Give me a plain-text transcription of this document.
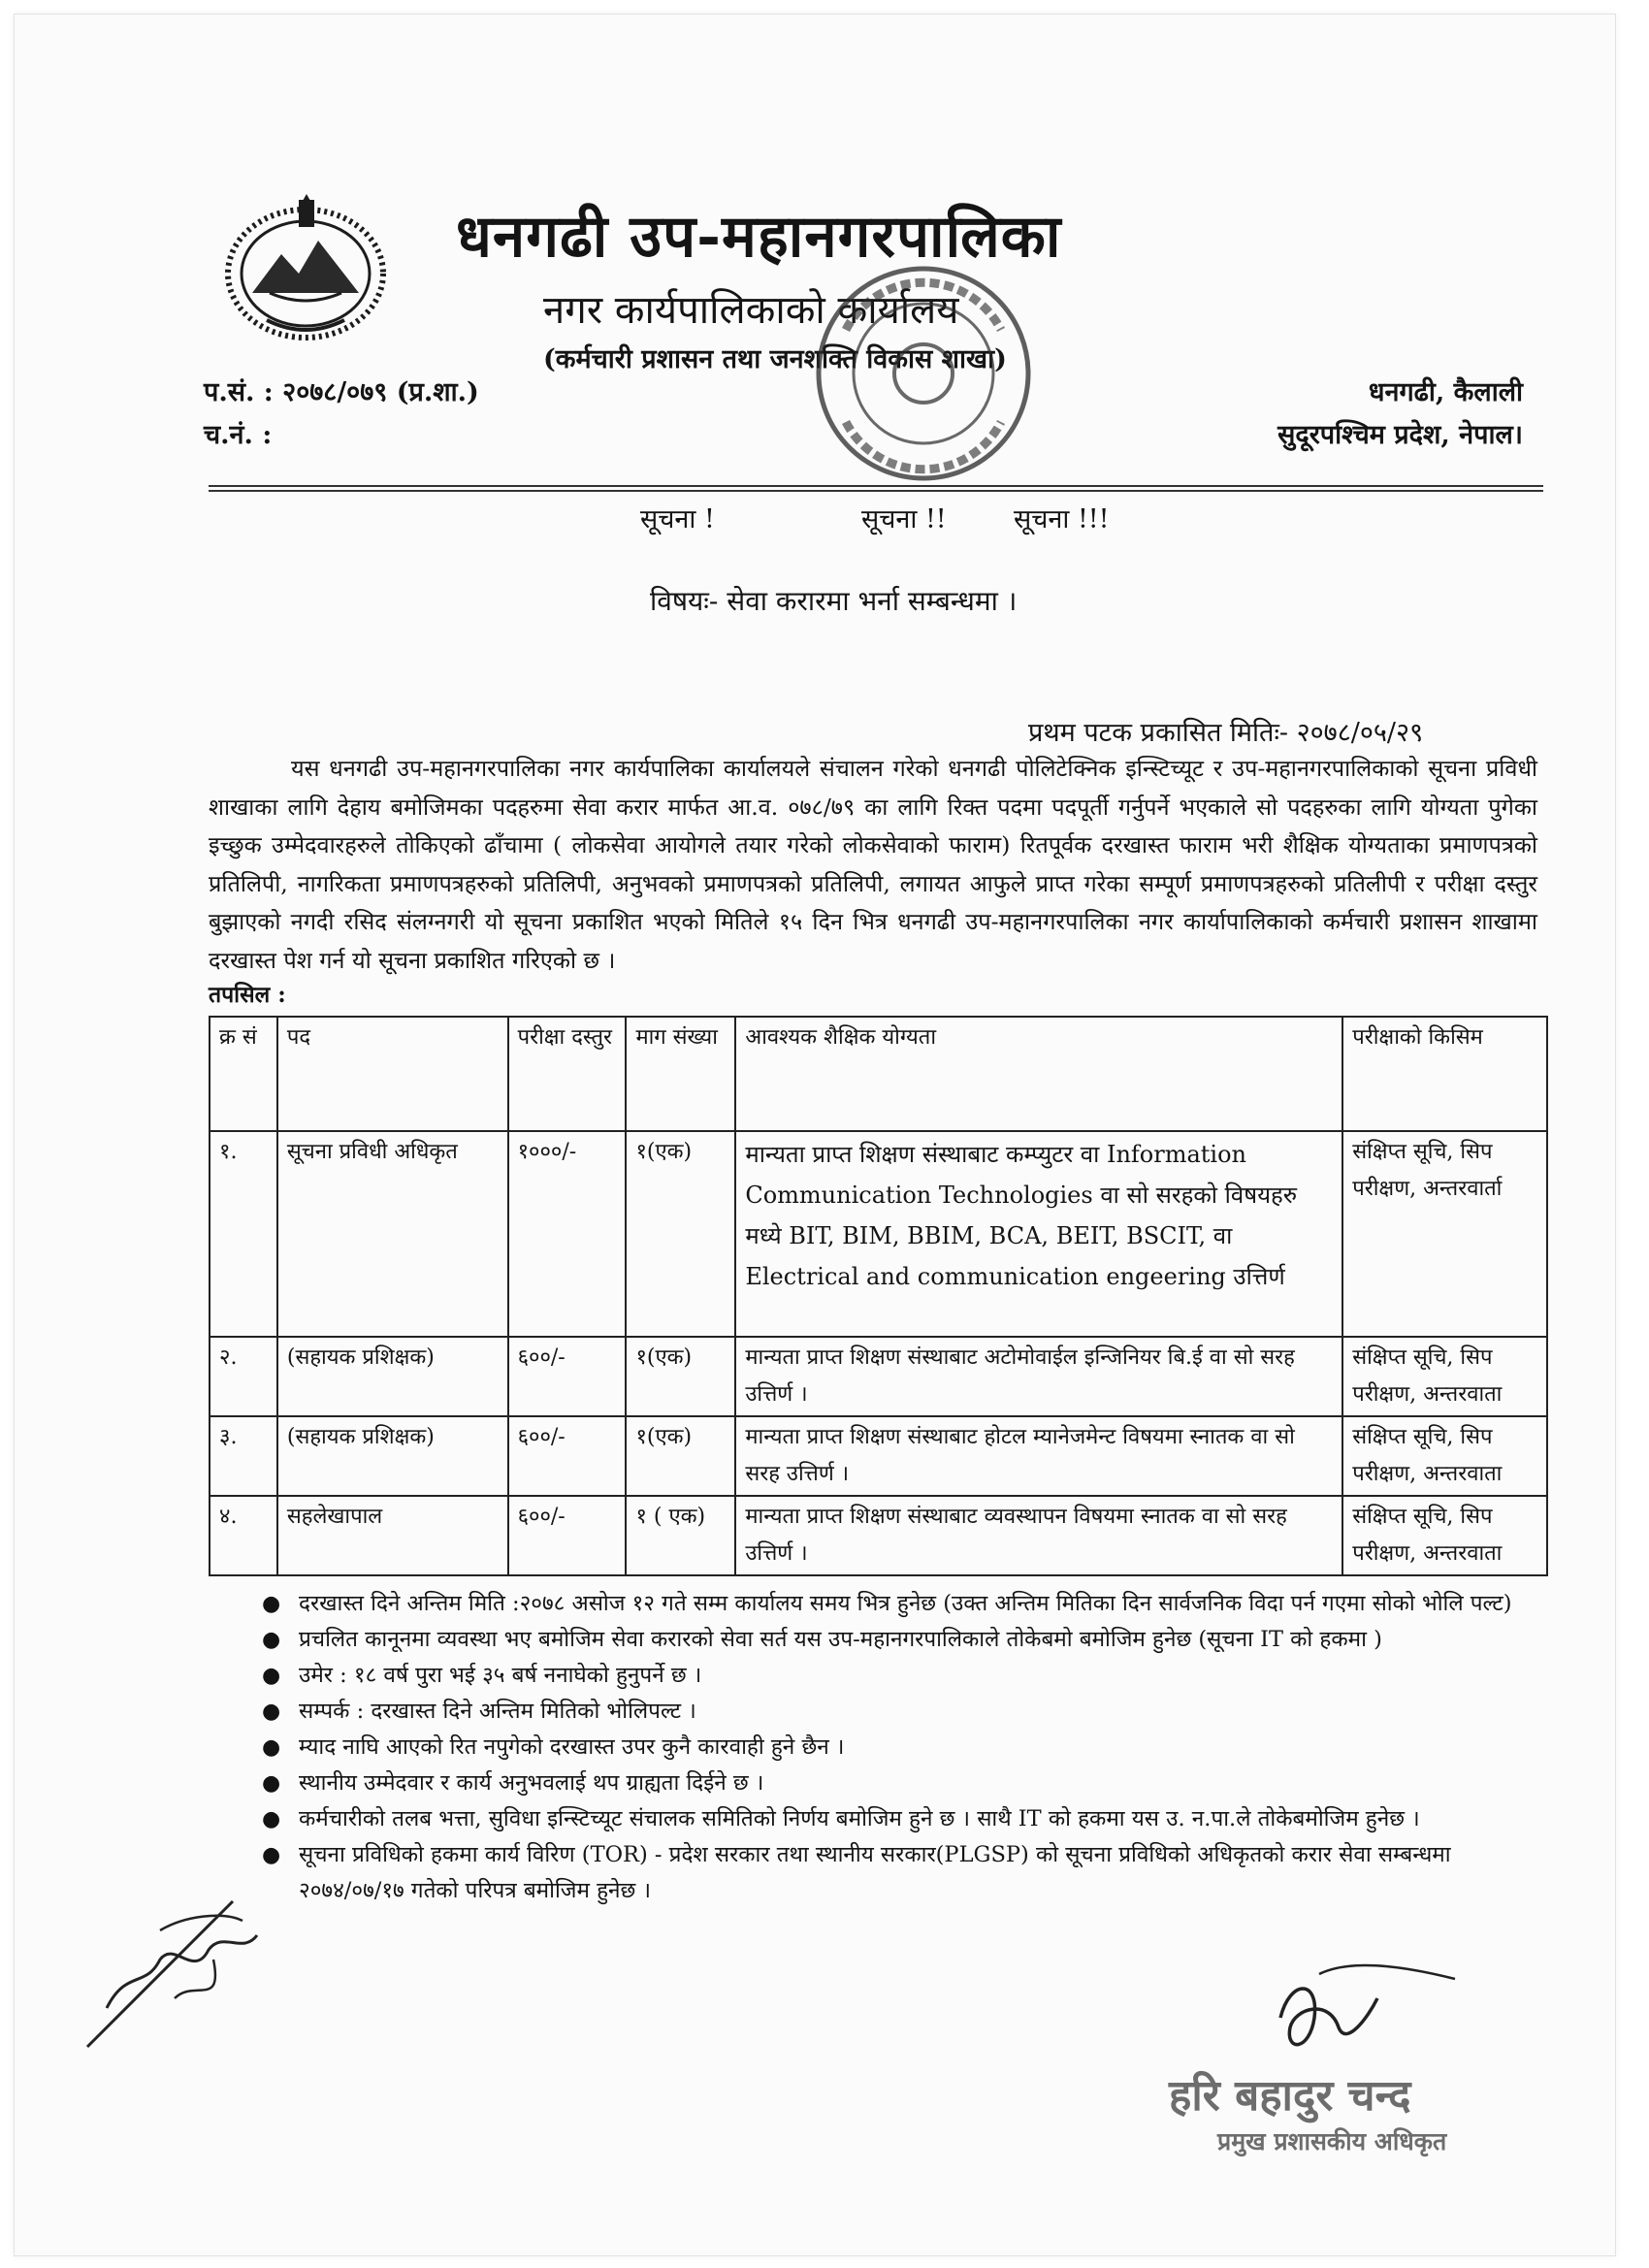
धनगढी उप-महानगरपालिका
नगर कार्यपालिकाको कार्यालय
(कर्मचारी प्रशासन तथा जनशक्ति विकास शाखा)
प.सं. : २०७८/०७९ (प्र.शा.)
च.नं. :
धनगढी, कैलाली
सुदूरपश्चिम प्रदेश, नेपाल।
सूचना !	सूचना !!	सूचना !!!
विषयः- सेवा करारमा भर्ना सम्बन्धमा ।
प्रथम पटक प्रकासित मितिः- २०७८/०५/२९
यस धनगढी उप-महानगरपालिका नगर कार्यपालिका कार्यालयले संचालन गरेको धनगढी पोलिटेक्निक इन्स्टिच्यूट र उप-महानगरपालिकाको सूचना प्रविधी शाखाका लागि देहाय बमोजिमका पदहरुमा सेवा करार मार्फत आ.व. ०७८/७९ का लागि रिक्त पदमा पदपूर्ती गर्नुपर्ने भएकाले सो पदहरुका लागि योग्यता पुगेका इच्छुक उम्मेदवारहरुले तोकिएको ढाँचामा ( लोकसेवा आयोगले तयार गरेको लोकसेवाको फाराम) रितपूर्वक दरखास्त फाराम भरी शैक्षिक योग्यताका प्रमाणपत्रको प्रतिलिपी, नागरिकता प्रमाणपत्रहरुको प्रतिलिपी, अनुभवको प्रमाणपत्रको प्रतिलिपी, लगायत आफुले प्राप्त गरेका सम्पूर्ण प्रमाणपत्रहरुको प्रतिलीपी र परीक्षा दस्तुर बुझाएको नगदी रसिद संलग्नगरी यो सूचना प्रकाशित भएको मितिले १५ दिन भित्र धनगढी उप-महानगरपालिका नगर कार्यापालिकाको कर्मचारी प्रशासन शाखामा दरखास्त पेश गर्न यो सूचना प्रकाशित गरिएको छ ।
तपसिल :
क्र सं	पद	परीक्षा दस्तुर	माग संख्या	आवश्यक शैक्षिक योग्यता	परीक्षाको किसिम
१.	सूचना प्रविधी अधिकृत	१०००/-	१(एक)	मान्यता प्राप्त शिक्षण संस्थाबाट कम्प्युटर वा Information Communication Technologies वा सो सरहको विषयहरु मध्ये BIT, BIM, BBIM, BCA, BEIT, BSCIT, वा Electrical and communication engeering उत्तिर्ण	संक्षिप्त सूचि, सिप परीक्षण, अन्तरवार्ता
२.	(सहायक प्रशिक्षक)	६००/-	१(एक)	मान्यता प्राप्त शिक्षण संस्थाबाट अटोमोवाईल इन्जिनियर बि.ई वा सो सरह उत्तिर्ण ।	संक्षिप्त सूचि, सिप परीक्षण, अन्तरवाता
३.	(सहायक प्रशिक्षक)	६००/-	१(एक)	मान्यता प्राप्त शिक्षण संस्थाबाट होटल म्यानेजमेन्ट विषयमा स्नातक वा सो सरह उत्तिर्ण ।	संक्षिप्त सूचि, सिप परीक्षण, अन्तरवाता
४.	सहलेखापाल	६००/-	१ ( एक)	मान्यता प्राप्त शिक्षण संस्थाबाट व्यवस्थापन विषयमा स्नातक वा सो सरह उत्तिर्ण ।	संक्षिप्त सूचि, सिप परीक्षण, अन्तरवाता
● दरखास्त दिने अन्तिम मिति :२०७८ असोज १२ गते सम्म कार्यालय समय भित्र हुनेछ (उक्त अन्तिम मितिका दिन सार्वजनिक विदा पर्न गएमा सोको भोलि पल्ट)
● प्रचलित कानूनमा व्यवस्था भए बमोजिम सेवा करारको सेवा सर्त यस उप-महानगरपालिकाले तोकेबमो बमोजिम हुनेछ (सूचना IT को हकमा )
● उमेर : १८ वर्ष पुरा भई ३५ बर्ष ननाघेको हुनुपर्ने छ ।
● सम्पर्क : दरखास्त दिने अन्तिम मितिको भोलिपल्ट ।
● म्याद नाघि आएको रित नपुगेको दरखास्त उपर कुनै कारवाही हुने छैन ।
● स्थानीय उम्मेदवार र कार्य अनुभवलाई थप ग्राह्यता दिईने छ ।
● कर्मचारीको तलब भत्ता, सुविधा इन्स्टिच्यूट संचालक समितिको निर्णय बमोजिम हुने छ । साथै IT को हकमा यस उ. न.पा.ले तोकेबमोजिम हुनेछ ।
● सूचना प्रविधिको हकमा कार्य विरिण (TOR) - प्रदेश सरकार तथा स्थानीय सरकार(PLGSP) को सूचना प्रविधिको अधिकृतको करार सेवा सम्बन्धमा २०७४/०७/१७ गतेको परिपत्र बमोजिम हुनेछ ।
हरि बहादुर चन्द
प्रमुख प्रशासकीय अधिकृत
